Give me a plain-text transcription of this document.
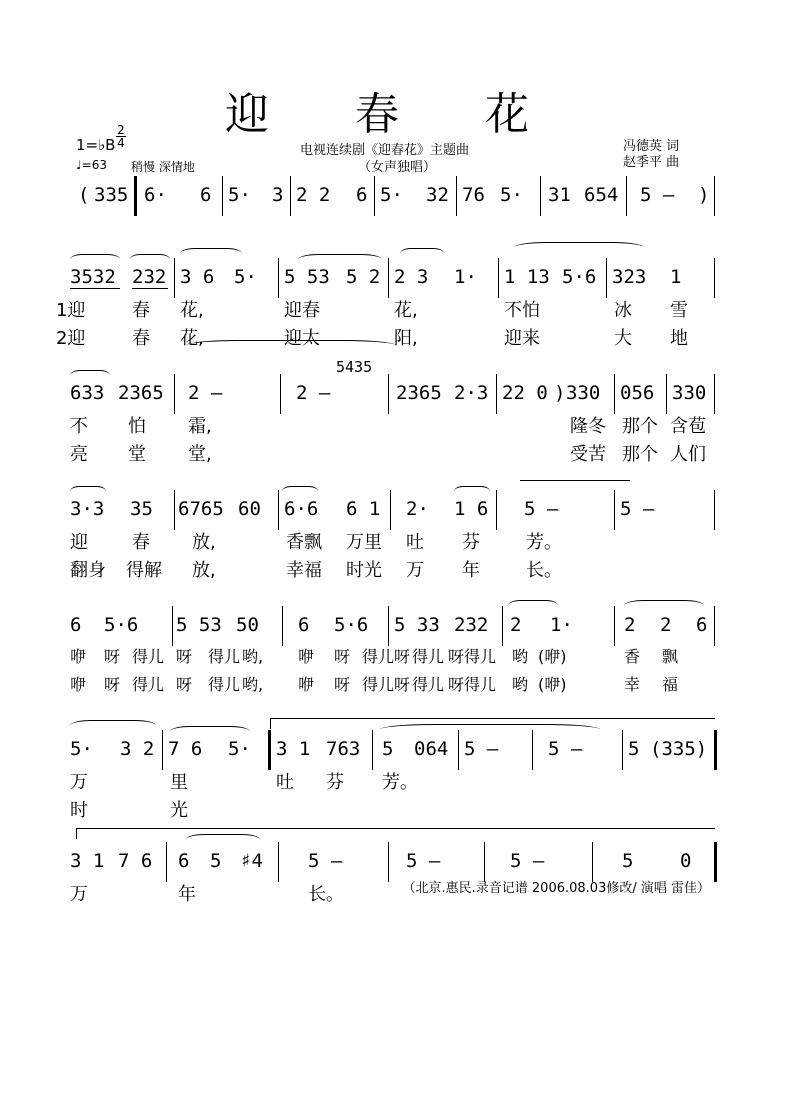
迎 春 花
电视连续剧《迎春花》主题曲
（女声独唱）
1=♭B
2
4
♩=63 稍慢 深情地
冯德英 词
赵季平 曲
( 335 6· 6 5· 3 2 2 6 5· 32 76 5· 31 654 5 – )
3532 232 3 6 5· 5 53 5 2 2 3 1· 1 13 5·6 323 1
1迎	春 花,	迎春	花,	不怕	冰 雪
2迎	春 花,	迎太	阳,	迎来	大 地
633 2365 2 –	2 –
5435
2365 2·3 22 0 ) 330 056 330
不 怕 霜,	隆冬 那个 含苞
亮 堂 堂,	受苦 那个 人们
3·3 35 6765 60 6·6 6 1 2· 1 6 5 –	5 –
迎 春 放,	香飘 万里 吐 芬	芳。
翻身 得解 放,	幸福 时光 万 年	长。
6 5·6 5 53 50 6 5·6 5 33 232 2 1·	2 2 6
咿 呀 得儿 呀 得儿 哟, 咿 呀 得儿 呀 得儿 呀得儿 哟 (咿)	香 飘
咿 呀 得儿 呀 得儿 哟, 咿 呀 得儿 呀 得儿 呀得儿 哟 (咿)	幸 福
5· 3 2 7 6 5· 3 1 763 5 064 5 –	5 – 5 (335)
万	里	吐 芬 芳。
时	光
3 1 7 6 6 5 ♯4 5 –	5 –	5 –	5 0
万	年	长。	（北京.惠民.录音记谱 2006.08.03修改/ 演唱 雷佳）
